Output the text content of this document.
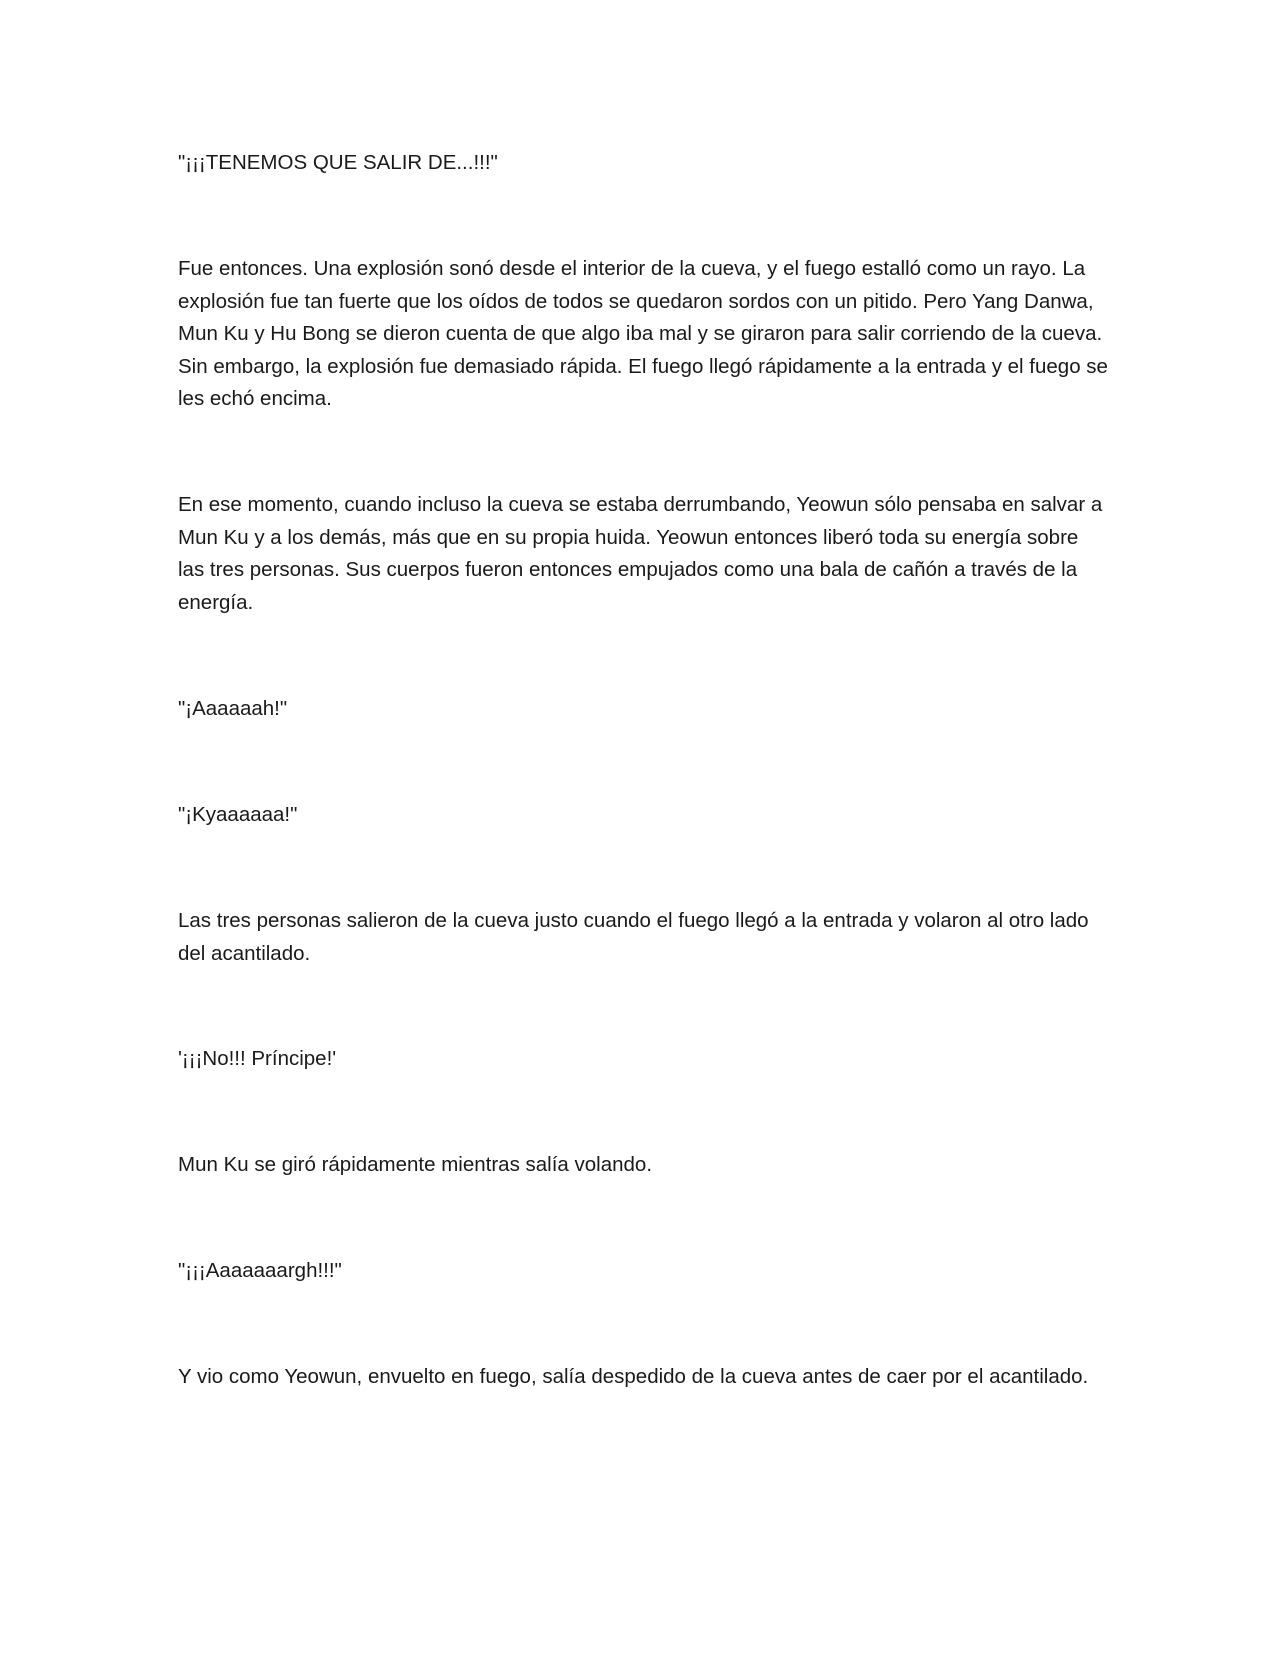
"¡¡¡TENEMOS QUE SALIR DE...!!!"

Fue entonces. Una explosión sonó desde el interior de la cueva, y el fuego estalló como un rayo. La explosión fue tan fuerte que los oídos de todos se quedaron sordos con un pitido. Pero Yang Danwa, Mun Ku y Hu Bong se dieron cuenta de que algo iba mal y se giraron para salir corriendo de la cueva. Sin embargo, la explosión fue demasiado rápida. El fuego llegó rápidamente a la entrada y el fuego se les echó encima.

En ese momento, cuando incluso la cueva se estaba derrumbando, Yeowun sólo pensaba en salvar a Mun Ku y a los demás, más que en su propia huida. Yeowun entonces liberó toda su energía sobre las tres personas. Sus cuerpos fueron entonces empujados como una bala de cañón a través de la energía.

"¡Aaaaaah!"

"¡Kyaaaaaa!"

Las tres personas salieron de la cueva justo cuando el fuego llegó a la entrada y volaron al otro lado del acantilado.

'¡¡¡No!!! Príncipe!'

Mun Ku se giró rápidamente mientras salía volando.

"¡¡¡Aaaaaaargh!!!"

Y vio como Yeowun, envuelto en fuego, salía despedido de la cueva antes de caer por el acantilado.
